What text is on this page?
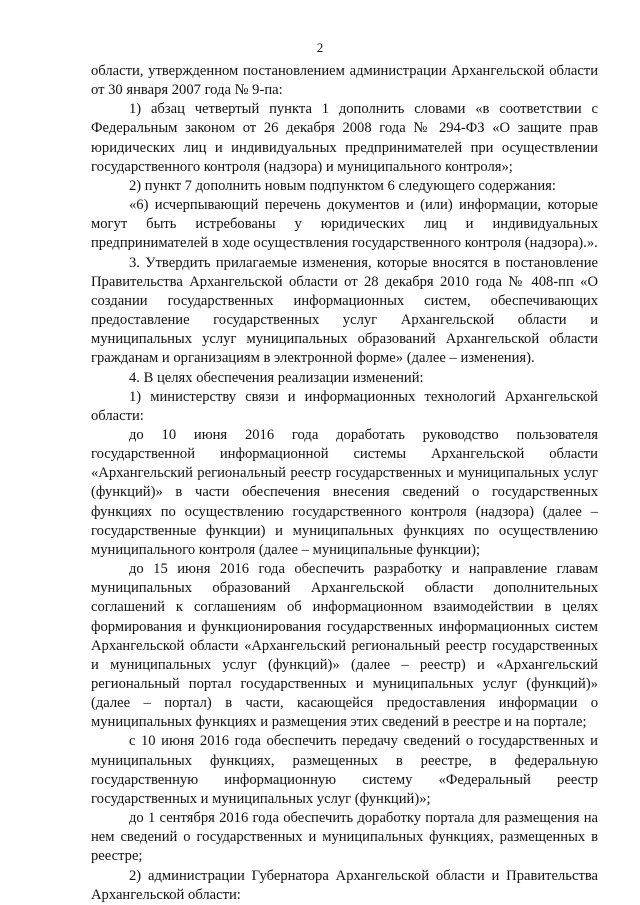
2

области, утвержденном постановлением администрации Архангельской области от 30 января 2007 года № 9-па:

1) абзац четвертый пункта 1 дополнить словами «в соответствии с Федеральным законом от 26 декабря 2008 года № 294-ФЗ «О защите прав юридических лиц и индивидуальных предпринимателей при осуществлении государственного контроля (надзора) и муниципального контроля»;

2) пункт 7 дополнить новым подпунктом 6 следующего содержания:

«6) исчерпывающий перечень документов и (или) информации, которые могут быть истребованы у юридических лиц и индивидуальных предпринимателей в ходе осуществления государственного контроля (надзора).».

3. Утвердить прилагаемые изменения, которые вносятся в постановление Правительства Архангельской области от 28 декабря 2010 года № 408-пп «О создании государственных информационных систем, обеспечивающих предоставление государственных услуг Архангельской области и муниципальных услуг муниципальных образований Архангельской области гражданам и организациям в электронной форме» (далее – изменения).

4. В целях обеспечения реализации изменений:

1) министерству связи и информационных технологий Архангельской области:

до 10 июня 2016 года доработать руководство пользователя государственной информационной системы Архангельской области «Архангельский региональный реестр государственных и муниципальных услуг (функций)» в части обеспечения внесения сведений о государственных функциях по осуществлению государственного контроля (надзора) (далее – государственные функции) и муниципальных функциях по осуществлению муниципального контроля (далее – муниципальные функции);

до 15 июня 2016 года обеспечить разработку и направление главам муниципальных образований Архангельской области дополнительных соглашений к соглашениям об информационном взаимодействии в целях формирования и функционирования государственных информационных систем Архангельской области «Архангельский региональный реестр государственных и муниципальных услуг (функций)» (далее – реестр) и «Архангельский региональный портал государственных и муниципальных услуг (функций)» (далее – портал) в части, касающейся предоставления информации о муниципальных функциях и размещения этих сведений в реестре и на портале;

с 10 июня 2016 года обеспечить передачу сведений о государственных и муниципальных функциях, размещенных в реестре, в федеральную государственную информационную систему «Федеральный реестр государственных и муниципальных услуг (функций)»;

до 1 сентября 2016 года обеспечить доработку портала для размещения на нем сведений о государственных и муниципальных функциях, размещенных в реестре;

2) администрации Губернатора Архангельской области и Правительства Архангельской области:
